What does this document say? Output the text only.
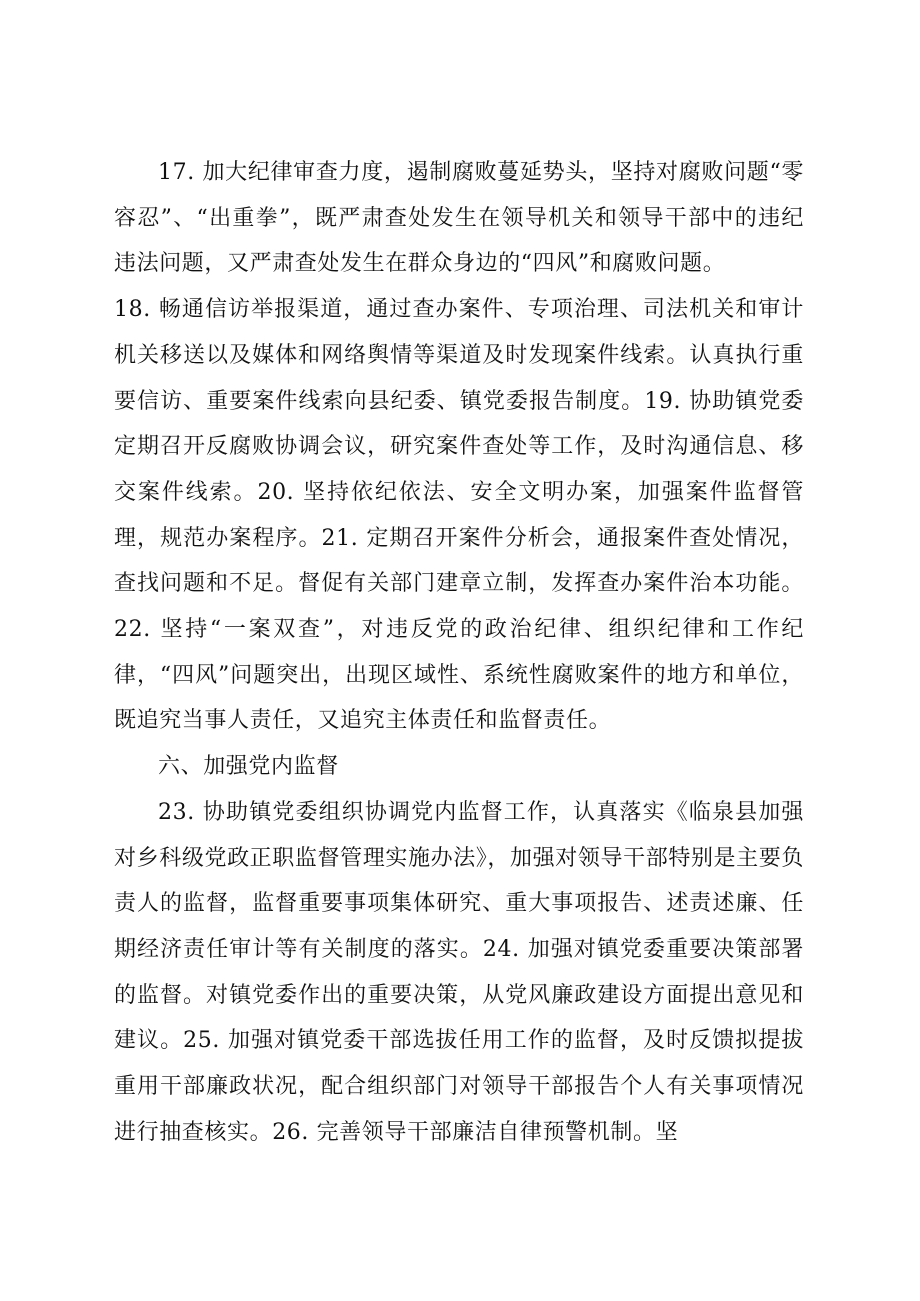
17. 加大纪律审查力度，遏制腐败蔓延势头，坚持对腐败问题“零容忍”、“出重拳”，既严肃查处发生在领导机关和领导干部中的违纪违法问题，又严肃查处发生在群众身边的“四风”和腐败问题。

18. 畅通信访举报渠道，通过查办案件、专项治理、司法机关和审计机关移送以及媒体和网络舆情等渠道及时发现案件线索。认真执行重要信访、重要案件线索向县纪委、镇党委报告制度。19. 协助镇党委定期召开反腐败协调会议，研究案件查处等工作，及时沟通信息、移交案件线索。20. 坚持依纪依法、安全文明办案，加强案件监督管理，规范办案程序。21. 定期召开案件分析会，通报案件查处情况，查找问题和不足。督促有关部门建章立制，发挥查办案件治本功能。22. 坚持“一案双查”，对违反党的政治纪律、组织纪律和工作纪律，“四风”问题突出，出现区域性、系统性腐败案件的地方和单位，既追究当事人责任，又追究主体责任和监督责任。

六、加强党内监督

23. 协助镇党委组织协调党内监督工作，认真落实《临泉县加强对乡科级党政正职监督管理实施办法》，加强对领导干部特别是主要负责人的监督，监督重要事项集体研究、重大事项报告、述责述廉、任期经济责任审计等有关制度的落实。24. 加强对镇党委重要决策部署的监督。对镇党委作出的重要决策，从党风廉政建设方面提出意见和建议。25. 加强对镇党委干部选拔任用工作的监督，及时反馈拟提拔重用干部廉政状况，配合组织部门对领导干部报告个人有关事项情况进行抽查核实。26. 完善领导干部廉洁自律预警机制。坚
